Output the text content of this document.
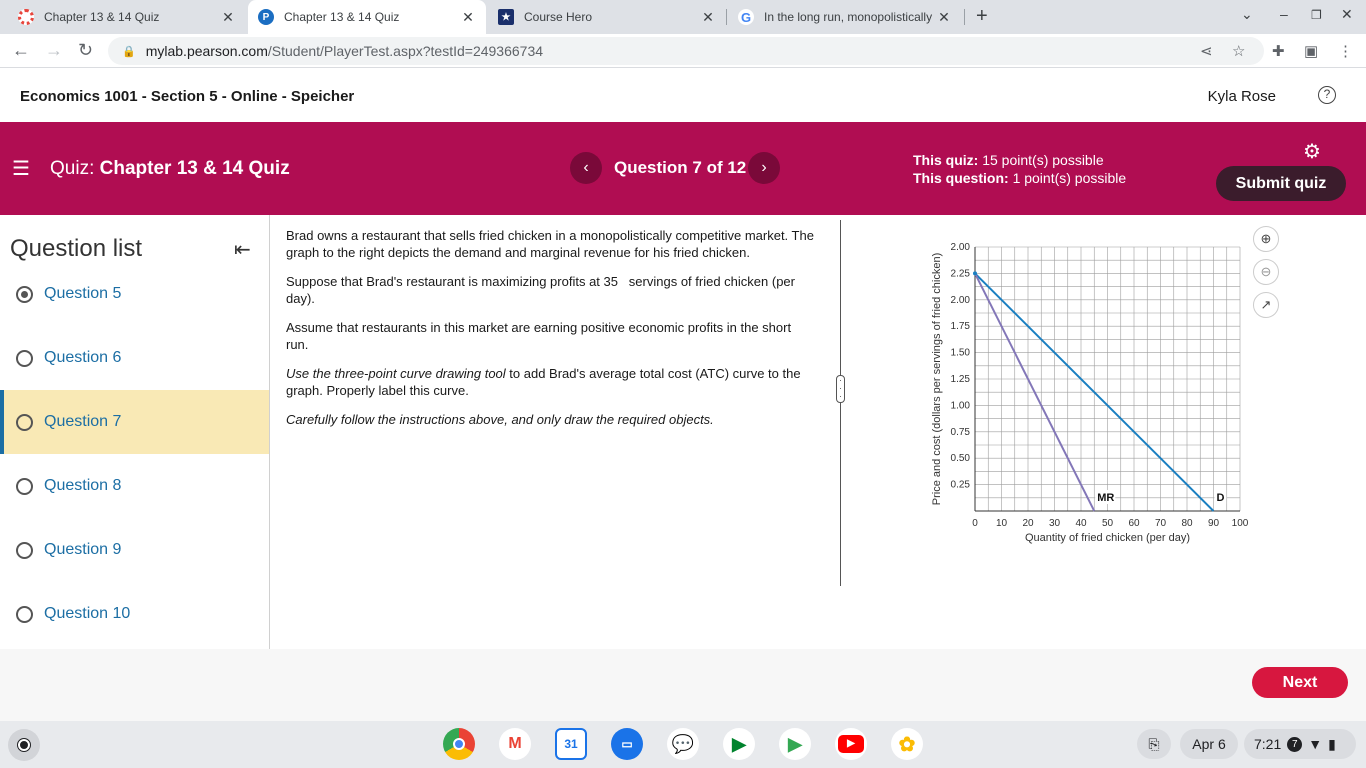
Chapter 13 & 14 Quiz	✕	P	Chapter 13 & 14 Quiz	✕	★ Course Hero	✕ G In the long run, monopolistically ✕ +	⌄ – ❐ ✕
← → ↻	🔒 mylab.pearson.com /Student/PlayerTest.aspx?testId=249366734	⋖ ☆ ✚ ▣ ⋮
Economics 1001 - Section 5 - Online - Speicher	Kyla Rose	?
☰ Quiz: Chapter 13 & 14 Quiz	‹	Question 7 of 12 ›	This quiz: 15 point(s) possible
This question: 1 point(s) possible
⚙
Submit quiz
Question list	⇤
Question 5
Question 6
Question 7
Question 8
Question 9
Question 10

Brad owns a restaurant that sells fried chicken in a monopolistically competitive market. The graph to the right depicts the demand and marginal revenue for his fried chicken.

Suppose that Brad's restaurant is maximizing profits at 35   servings of fried chicken (per day).

Assume that restaurants in this market are earning positive economic profits in the short run.

Use the three-point curve drawing tool to add Brad's average total cost (ATC) curve to the graph. Properly label this curve.

Carefully follow the instructions above, and only draw the required objects.

·
·
·
0 10 20 30 40 50 60 70 80 90 100
0.25
0.50
0.75
1.00
1.25
1.50
1.75
2.00
2.25
2.00
Quantity of fried chicken (per day)
Price and cost (dollars per servings of fried chicken)	D
MR
⊕
⊖
↗
Next
M	31	▭	💬	▶	▶	▶	✿	⎘	Apr 6	7:21	7 ▼ ▮
